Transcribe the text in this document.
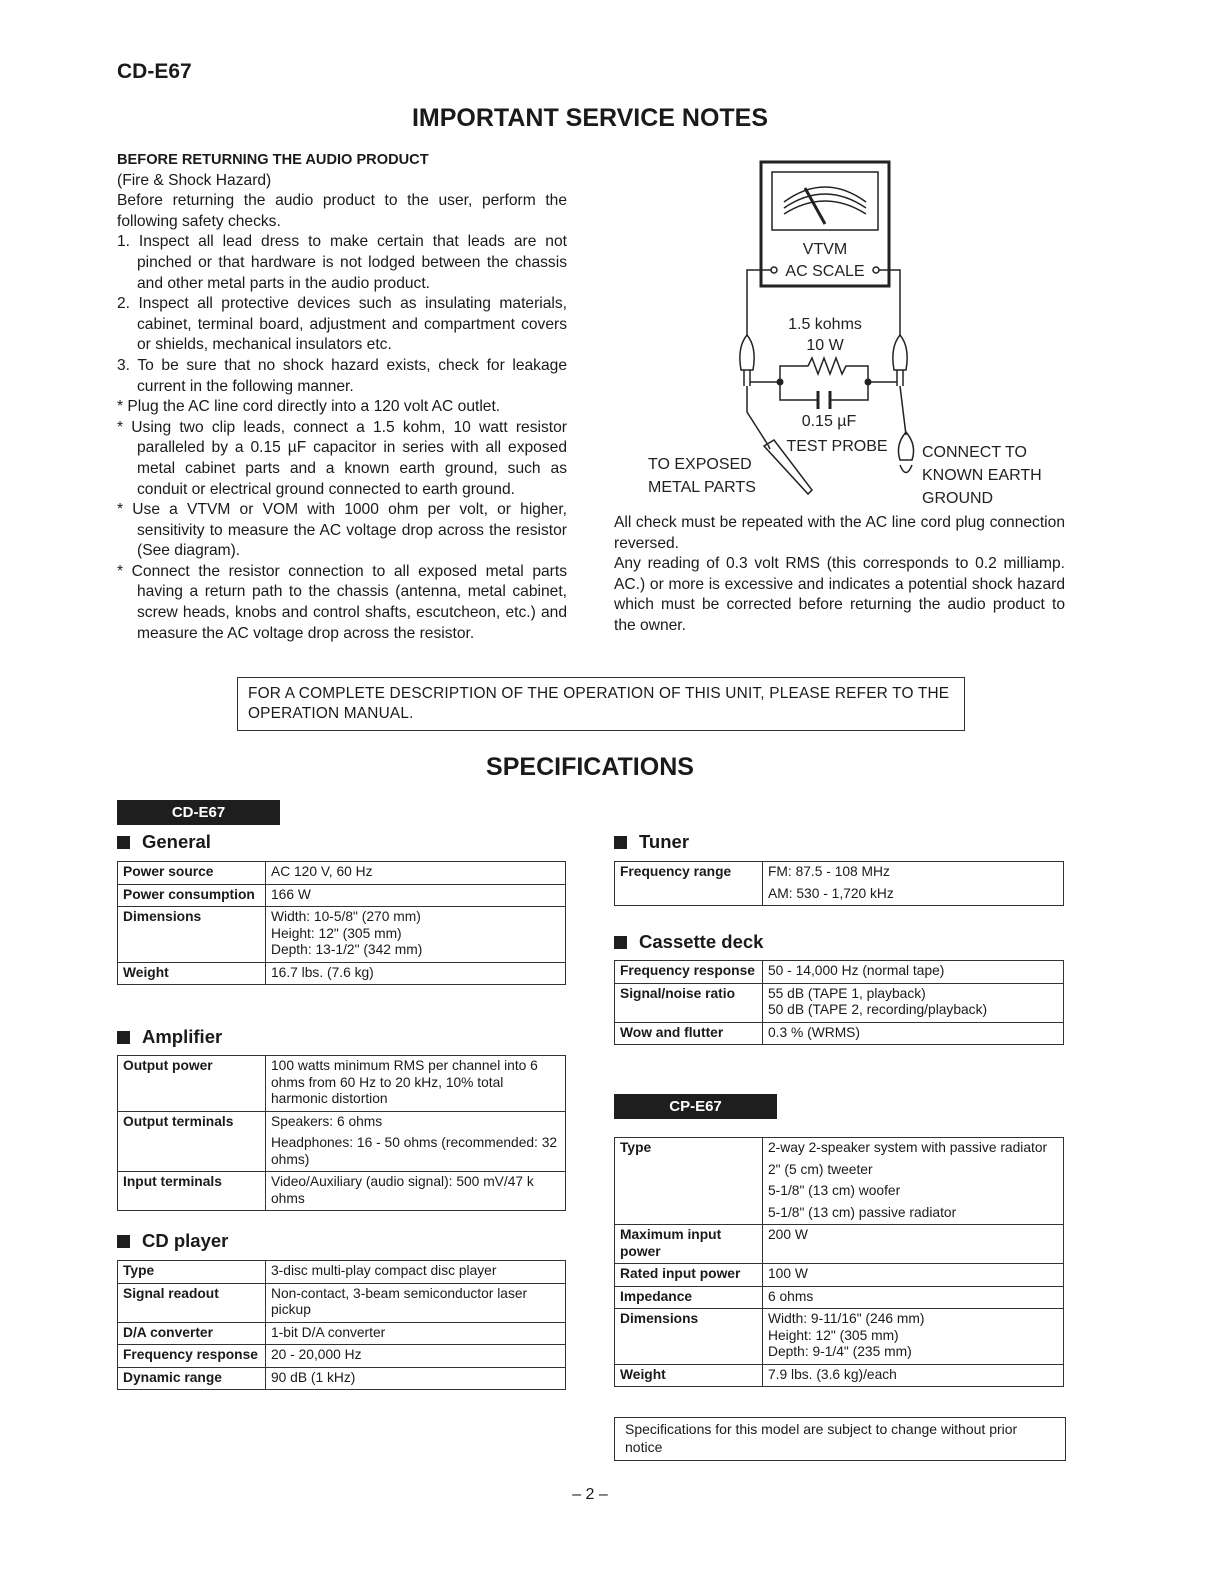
CD-E67
IMPORTANT SERVICE NOTES

BEFORE RETURNING THE AUDIO PRODUCT

(Fire & Shock Hazard)

Before returning the audio product to the user, perform the following safety checks.

1. Inspect all lead dress to make certain that leads are not pinched or that hardware is not lodged between the chassis and other metal parts in the audio product.

2. Inspect all protective devices such as insulating materials, cabinet, terminal board, adjustment and compartment covers or shields, mechanical insulators etc.

3. To be sure that no shock hazard exists, check for leakage current in the following manner.

* Plug the AC line cord directly into a 120 volt AC outlet.

* Using two clip leads, connect a 1.5 kohm, 10 watt resistor paralleled by a 0.15 µF capacitor in series with all exposed metal cabinet parts and a known earth ground, such as conduit or electrical ground connected to earth ground.

* Use a VTVM or VOM with 1000 ohm per volt, or higher, sensitivity to measure the AC voltage drop across the resistor (See diagram).

* Connect the resistor connection to all exposed metal parts having a return path to the chassis (antenna, metal cabinet, screw heads, knobs and control shafts, escutcheon, etc.) and measure the AC voltage drop across the resistor.

VTVM
AC SCALE
1.5 kohms
10 W
0.15 µF
TEST PROBE
TO EXPOSED
METAL PARTS
CONNECT TO
KNOWN EARTH
GROUND

All check must be repeated with the AC line cord plug connection reversed.

Any reading of 0.3 volt RMS (this corresponds to 0.2 milliamp. AC.) or more is excessive and indicates a potential shock hazard which must be corrected before returning the audio product to the owner.

FOR A COMPLETE DESCRIPTION OF THE OPERATION OF THIS UNIT, PLEASE REFER TO THE OPERATION MANUAL.
SPECIFICATIONS
CD-E67
General
Power source	AC 120 V, 60 Hz

Power consumption	166 W

Dimensions	Width: 10-5/8" (270 mm)
Height: 12" (305 mm)
Depth: 13-1/2" (342 mm)

Weight	16.7 lbs. (7.6 kg)
Amplifier
Output power	100 watts minimum RMS per channel into 6 ohms from 60 Hz to 20 kHz, 10% total harmonic distortion

Output terminals	Speakers: 6 ohms
Headphones: 16 - 50 ohms (recommended: 32 ohms)

Input terminals	Video/Auxiliary (audio signal): 500 mV/47 k ohms
CD player
Type	3-disc multi-play compact disc player

Signal readout	Non-contact, 3-beam semiconductor laser pickup

D/A converter	1-bit D/A converter

Frequency response	20 - 20,000 Hz

Dynamic range	90 dB (1 kHz)
Tuner
Frequency range	FM: 87.5 - 108 MHz
AM: 530 - 1,720 kHz
Cassette deck
Frequency response	50 - 14,000 Hz (normal tape)

Signal/noise ratio	55 dB (TAPE 1, playback)
50 dB (TAPE 2, recording/playback)

Wow and flutter	0.3 % (WRMS)
CP-E67
Type	2-way 2-speaker system with passive radiator
2" (5 cm) tweeter
5-1/8" (13 cm) woofer
5-1/8" (13 cm) passive radiator

Maximum input power	200 W

Rated input power	100 W

Impedance	6 ohms

Dimensions	Width: 9-11/16" (246 mm)
Height: 12" (305 mm)
Depth: 9-1/4" (235 mm)

Weight	7.9 lbs. (3.6 kg)/each
Specifications for this model are subject to change without prior notice
– 2 –
